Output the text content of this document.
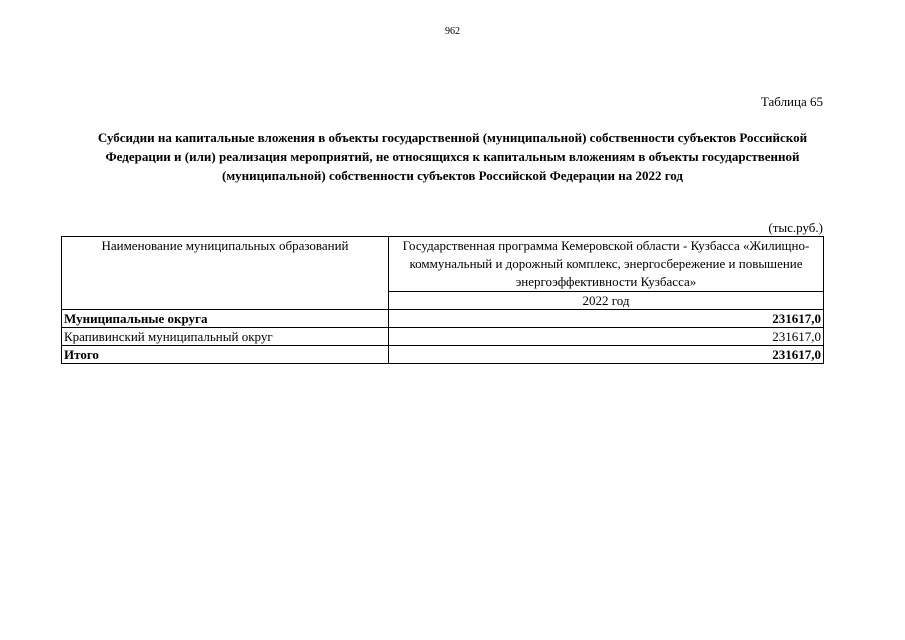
962
Таблица 65
Субсидии на капитальные вложения в объекты государственной (муниципальной) собственности субъектов Российской Федерации и (или) реализация мероприятий, не относящихся к капитальным вложениям в объекты государственной (муниципальной) собственности субъектов Российской Федерации на 2022 год
(тыс.руб.)
Наименование муниципальных образований	Государственная программа Кемеровской области - Кузбасса «Жилищно-коммунальный и дорожный комплекс, энергосбережение и повышение энергоэффективности Кузбасса»
	2022 год
Муниципальные округа	231617,0
Крапивинский муниципальный округ	231617,0
Итого	231617,0
